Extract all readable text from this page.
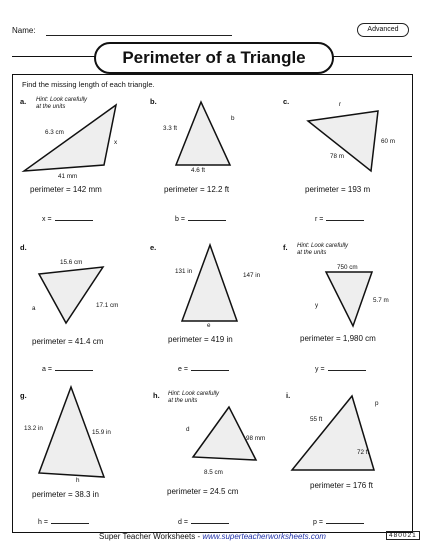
Name:	Advanced
Perimeter of a Triangle
Find the missing length of each triangle.
a. Hint: Look carefully
at the units
6.3 cm
x
41 mm
perimeter = 142 mm
x =
b.
3.3 ft
b
4.6 ft
perimeter = 12.2 ft
b =
c.	r
60 m
78 m
perimeter = 193 m
r =
d.
15.6 cm
a	17.1 cm
perimeter = 41.4 cm
a =
e.
131 in
147 in
e
perimeter = 419 in
e =
f. Hint: Look carefully
at the units
750 cm
y
5.7 m
perimeter = 1,980 cm
y =
g.
13.2 in
15.9 in
h
perimeter = 38.3 in
h =
h. Hint: Look carefully
at the units
d
98 mm
8.5 cm
perimeter = 24.5 cm
d =
i.
55 ft
p
72 ft
perimeter = 176 ft
p =
Super Teacher Worksheets - www.superteacherworksheets.com	480021
